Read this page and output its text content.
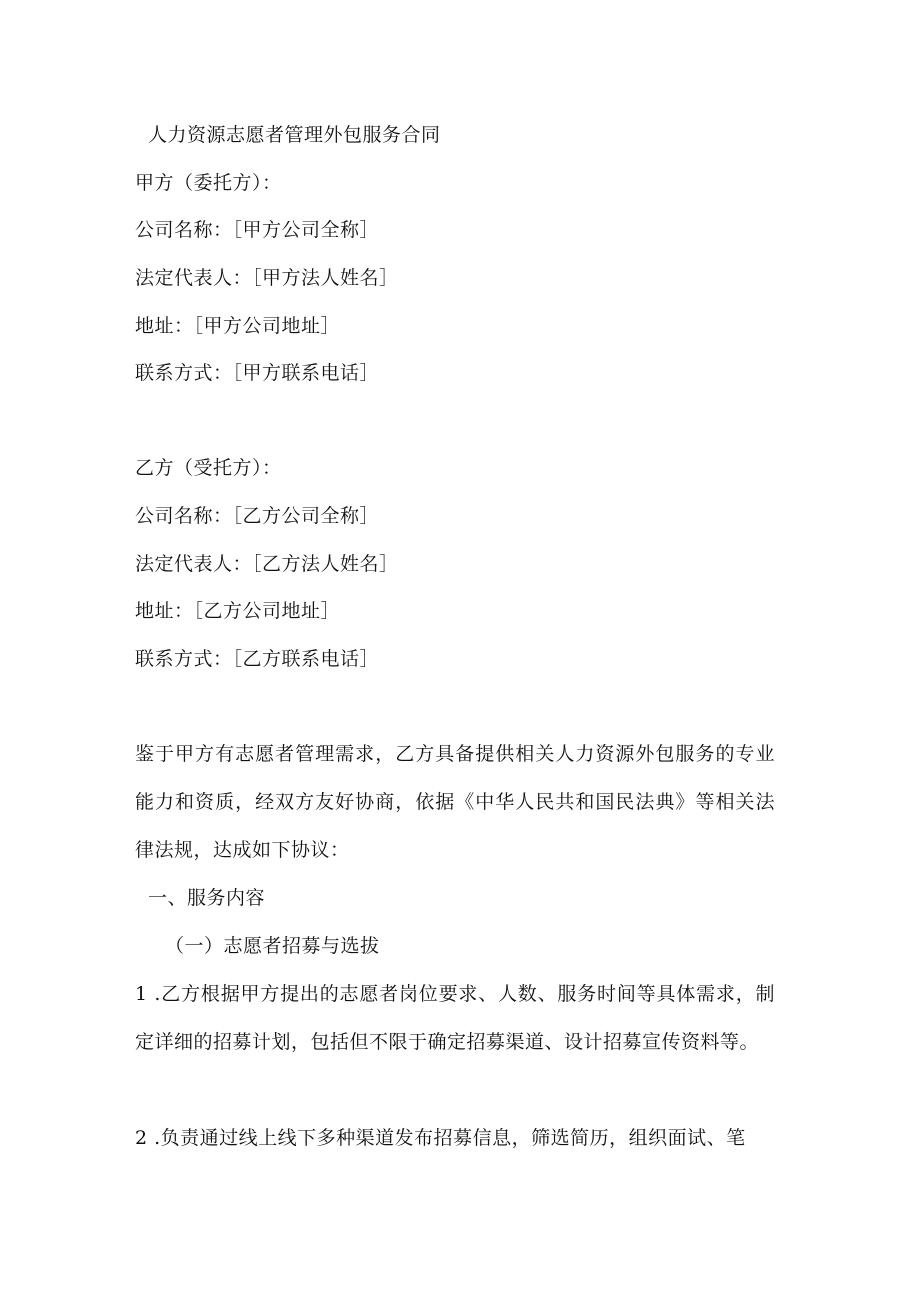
人力资源志愿者管理外包服务合同
甲方（委托方）：
公司名称：［甲方公司全称］
法定代表人：［甲方法人姓名］
地址：［甲方公司地址］
联系方式：［甲方联系电话］
乙方（受托方）：
公司名称：［乙方公司全称］
法定代表人：［乙方法人姓名］
地址：［乙方公司地址］
联系方式：［乙方联系电话］
鉴于甲方有志愿者管理需求，乙方具备提供相关人力资源外包服务的专业能力和资质，经双方友好协商，依据《中华人民共和国民法典》等相关法律法规，达成如下协议：
一、服务内容
（一）志愿者招募与选拔
1 .乙方根据甲方提出的志愿者岗位要求、人数、服务时间等具体需求，制定详细的招募计划，包括但不限于确定招募渠道、设计招募宣传资料等。
2 .负责通过线上线下多种渠道发布招募信息，筛选简历，组织面试、笔
